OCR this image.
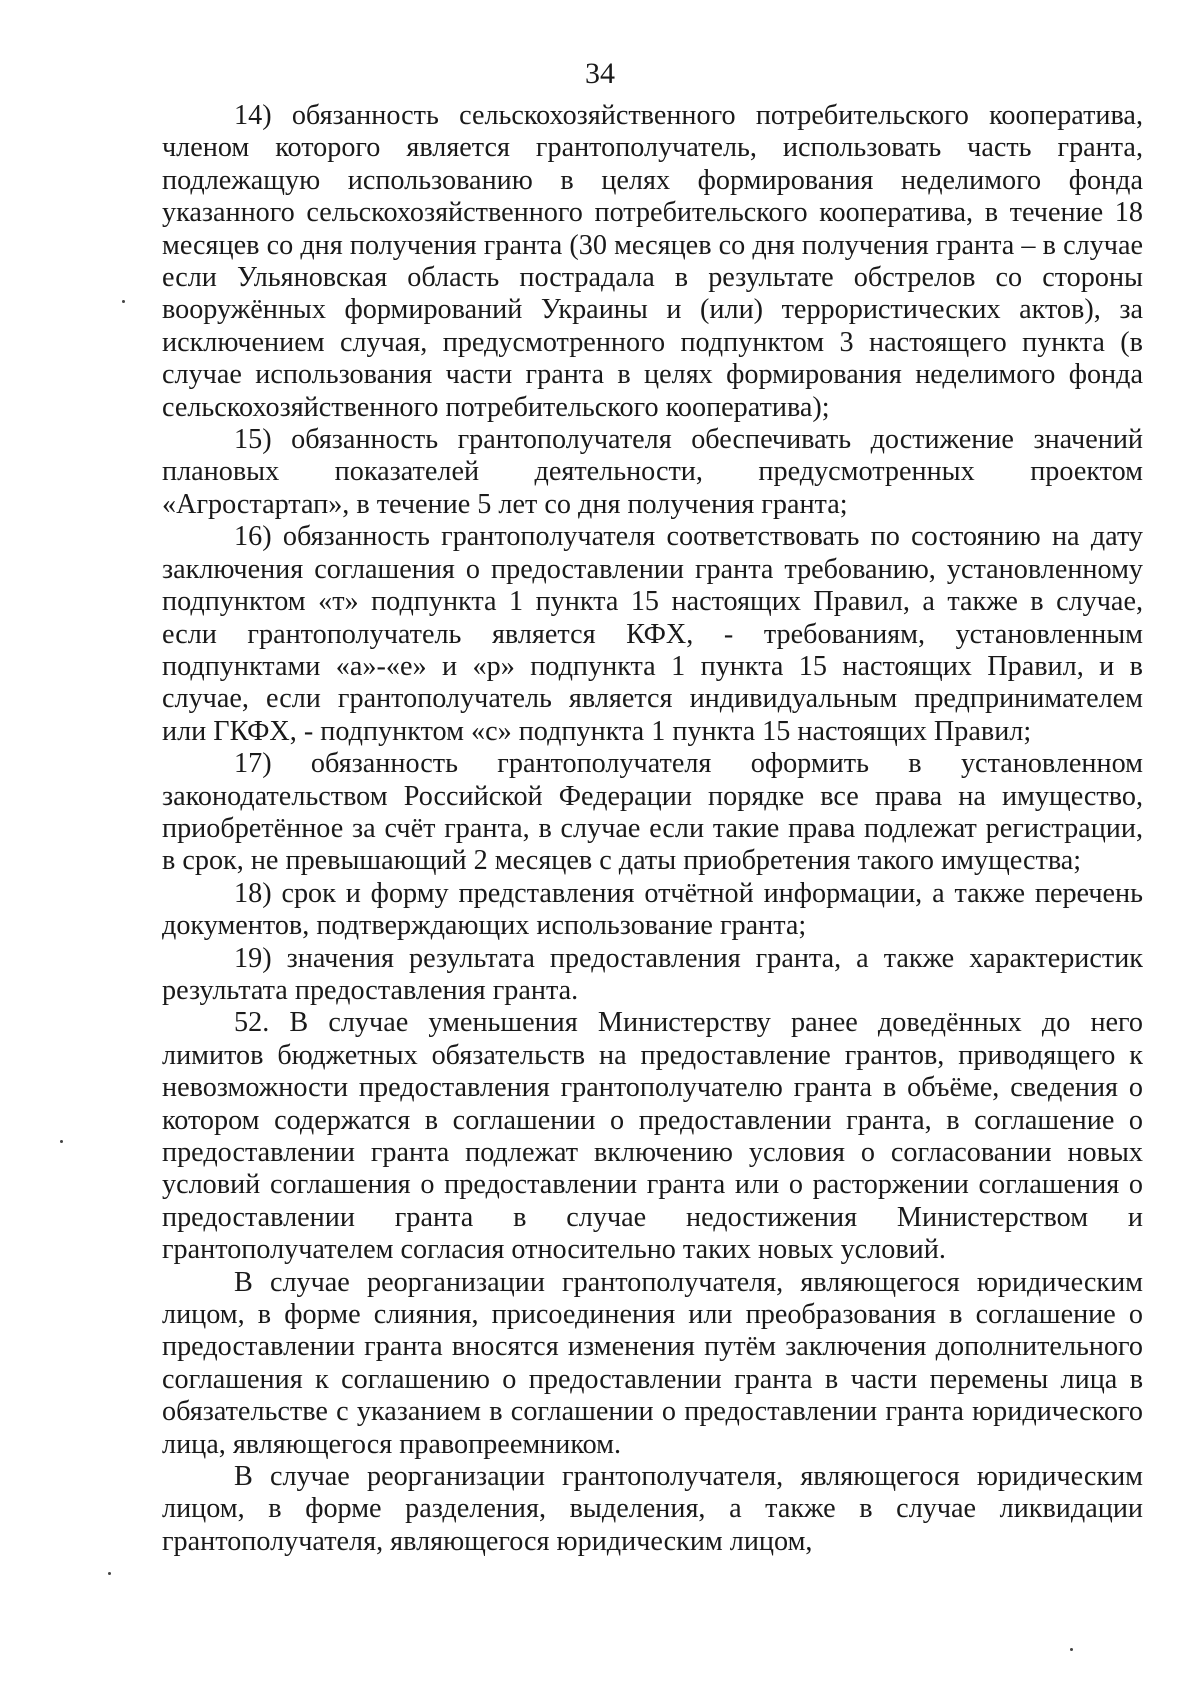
34

14) обязанность сельскохозяйственного потребительского кооператива, членом которого является грантополучатель, использовать часть гранта, подлежащую использованию в целях формирования неделимого фонда указанного сельскохозяйственного потребительского кооператива, в течение 18 месяцев со дня получения гранта (30 месяцев со дня получения гранта – в случае если Ульяновская область пострадала в результате обстрелов со стороны вооружённых формирований Украины и (или) террористических актов), за исключением случая, предусмотренного подпунктом 3 настоящего пункта (в случае использования части гранта в целях формирования неделимого фонда сельскохозяйственного потребительского кооператива);

15) обязанность грантополучателя обеспечивать достижение значений плановых показателей деятельности, предусмотренных проектом «Агростартап», в течение 5 лет со дня получения гранта;

16) обязанность грантополучателя соответствовать по состоянию на дату заключения соглашения о предоставлении гранта требованию, установленному подпунктом «т» подпункта 1 пункта 15 настоящих Правил, а также в случае, если грантополучатель является КФХ, - требованиям, установленным подпунктами «а»-«е» и «р» подпункта 1 пункта 15 настоящих Правил, и в случае, если грантополучатель является индивидуальным предпринимателем или ГКФХ, - подпунктом «с» подпункта 1 пункта 15 настоящих Правил;

17) обязанность грантополучателя оформить в установленном законодательством Российской Федерации порядке все права на имущество, приобретённое за счёт гранта, в случае если такие права подлежат регистрации, в срок, не превышающий 2 месяцев с даты приобретения такого имущества;

18) срок и форму представления отчётной информации, а также перечень документов, подтверждающих использование гранта;

19) значения результата предоставления гранта, а также характеристик результата предоставления гранта.

52. В случае уменьшения Министерству ранее доведённых до него лимитов бюджетных обязательств на предоставление грантов, приводящего к невозможности предоставления грантополучателю гранта в объёме, сведения о котором содержатся в соглашении о предоставлении гранта, в соглашение о предоставлении гранта подлежат включению условия о согласовании новых условий соглашения о предоставлении гранта или о расторжении соглашения о предоставлении гранта в случае недостижения Министерством и грантополучателем согласия относительно таких новых условий.

В случае реорганизации грантополучателя, являющегося юридическим лицом, в форме слияния, присоединения или преобразования в соглашение о предоставлении гранта вносятся изменения путём заключения дополнительного соглашения к соглашению о предоставлении гранта в части перемены лица в обязательстве с указанием в соглашении о предоставлении гранта юридического лица, являющегося правопреемником.

В случае реорганизации грантополучателя, являющегося юридическим лицом, в форме разделения, выделения, а также в случае ликвидации грантополучателя, являющегося юридическим лицом,
